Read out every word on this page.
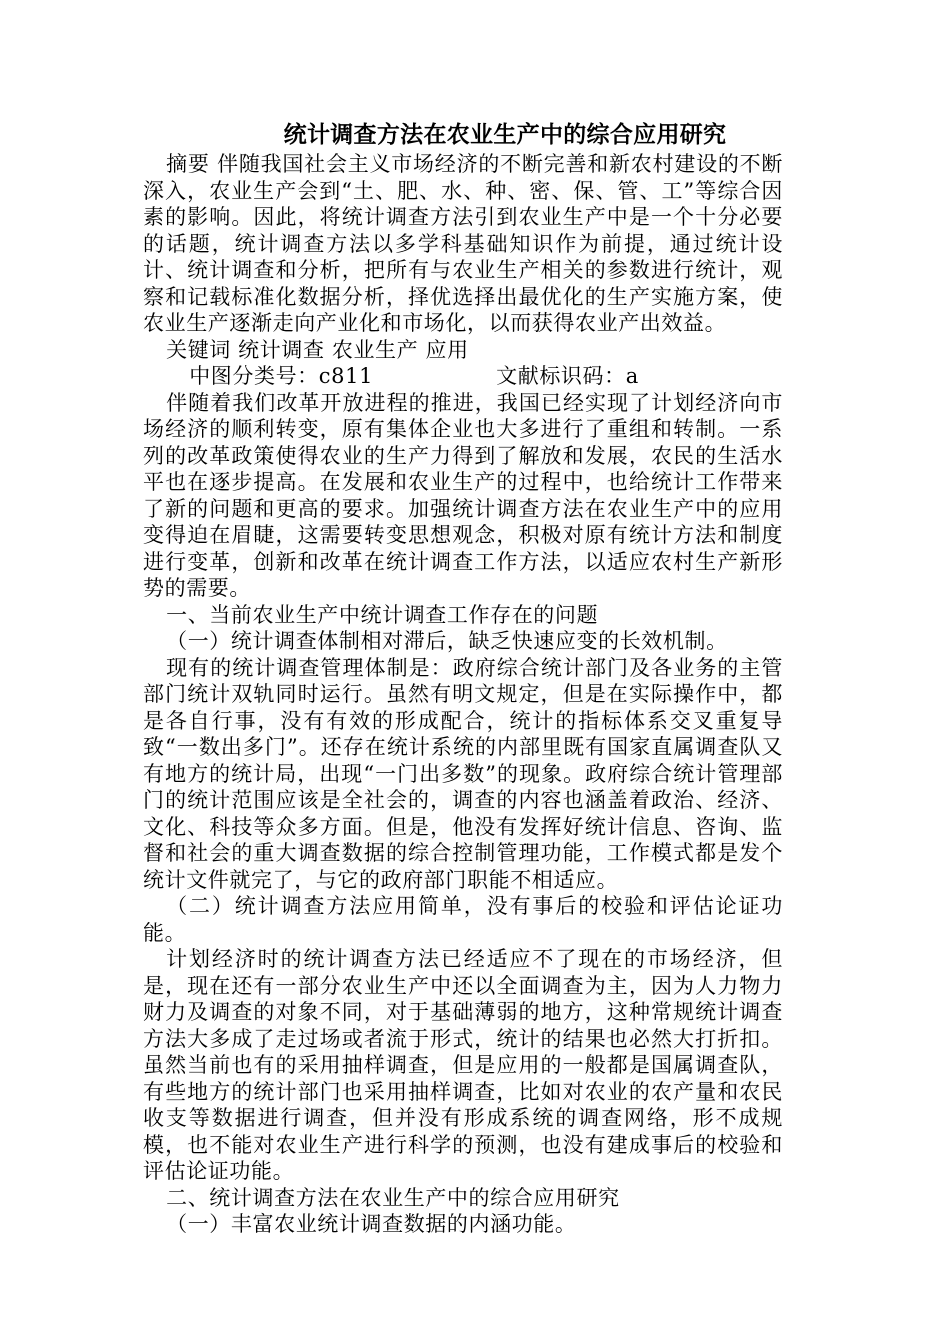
统计调查方法在农业生产中的综合应用研究

摘要 伴随我国社会主义市场经济的不断完善和新农村建设的不断深入，农业生产会到“土、肥、水、种、密、保、管、工”等综合因素的影响。因此，将统计调查方法引到农业生产中是一个十分必要的话题，统计调查方法以多学科基础知识作为前提，通过统计设计、统计调查和分析，把所有与农业生产相关的参数进行统计，观察和记载标准化数据分析，择优选择出最优化的生产实施方案，使农业生产逐渐走向产业化和市场化，以而获得农业产出效益。

关键词 统计调查 农业生产 应用

中图分类号：c811	文献标识码：a

伴随着我们改革开放进程的推进，我国已经实现了计划经济向市场经济的顺利转变，原有集体企业也大多进行了重组和转制。一系列的改革政策使得农业的生产力得到了解放和发展，农民的生活水平也在逐步提高。在发展和农业生产的过程中，也给统计工作带来了新的问题和更高的要求。加强统计调查方法在农业生产中的应用变得迫在眉睫，这需要转变思想观念，积极对原有统计方法和制度进行变革，创新和改革在统计调查工作方法，以适应农村生产新形势的需要。

一、当前农业生产中统计调查工作存在的问题

（一）统计调查体制相对滞后，缺乏快速应变的长效机制。

现有的统计调查管理体制是：政府综合统计部门及各业务的主管部门统计双轨同时运行。虽然有明文规定，但是在实际操作中，都是各自行事，没有有效的形成配合，统计的指标体系交叉重复导致“一数出多门”。还存在统计系统的内部里既有国家直属调查队又有地方的统计局，出现“一门出多数”的现象。政府综合统计管理部门的统计范围应该是全社会的，调查的内容也涵盖着政治、经济、文化、科技等众多方面。但是，他没有发挥好统计信息、咨询、监督和社会的重大调查数据的综合控制管理功能，工作模式都是发个统计文件就完了，与它的政府部门职能不相适应。

（二）统计调查方法应用简单，没有事后的校验和评估论证功能。

计划经济时的统计调查方法已经适应不了现在的市场经济，但是，现在还有一部分农业生产中还以全面调查为主，因为人力物力财力及调查的对象不同，对于基础薄弱的地方，这种常规统计调查方法大多成了走过场或者流于形式，统计的结果也必然大打折扣。虽然当前也有的采用抽样调查，但是应用的一般都是国属调查队，有些地方的统计部门也采用抽样调查，比如对农业的农产量和农民收支等数据进行调查，但并没有形成系统的调查网络，形不成规模，也不能对农业生产进行科学的预测，也没有建成事后的校验和评估论证功能。

二、统计调查方法在农业生产中的综合应用研究

（一）丰富农业统计调查数据的内涵功能。
